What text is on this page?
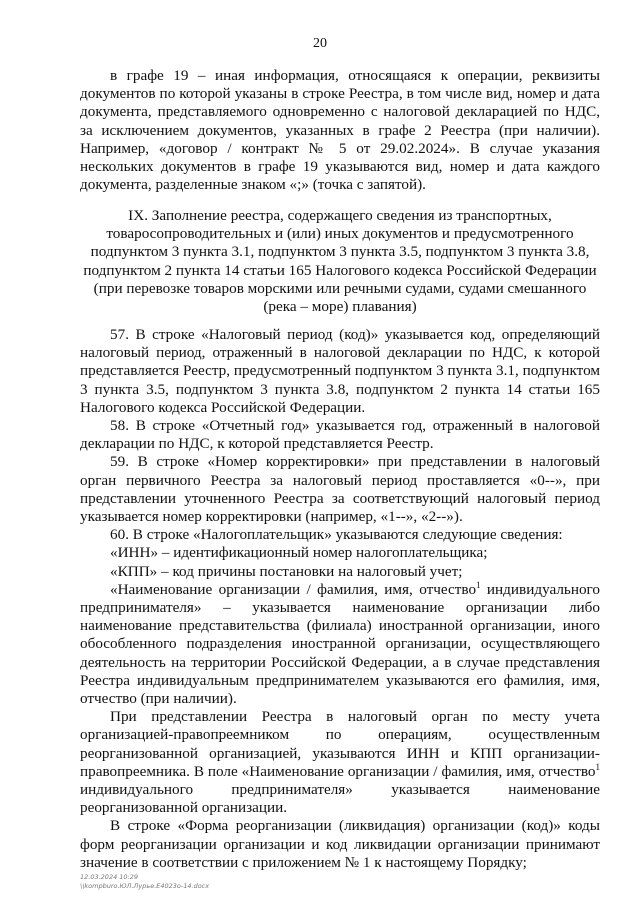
20

в графе 19 – иная информация, относящаяся к операции, реквизиты документов по которой указаны в строке Реестра, в том числе вид, номер и дата документа, представляемого одновременно с налоговой декларацией по НДС, за исключением документов, указанных в графе 2 Реестра (при наличии). Например, «договор / контракт № 5 от 29.02.2024». В случае указания нескольких документов в графе 19 указываются вид, номер и дата каждого документа, разделенные знаком «;» (точка с запятой).

IX. Заполнение реестра, содержащего сведения из транспортных,
товаросопроводительных и (или) иных документов и предусмотренного
подпунктом 3 пункта 3.1, подпунктом 3 пункта 3.5, подпунктом 3 пункта 3.8,
подпунктом 2 пункта 14 статьи 165 Налогового кодекса Российской Федерации
(при перевозке товаров морскими или речными судами, судами смешанного
(река – море) плавания)

57. В строке «Налоговый период (код)» указывается код, определяющий налоговый период, отраженный в налоговой декларации по НДС, к которой представляется Реестр, предусмотренный подпунктом 3 пункта 3.1, подпунктом 3 пункта 3.5, подпунктом 3 пункта 3.8, подпунктом 2 пункта 14 статьи 165 Налогового кодекса Российской Федерации.

58. В строке «Отчетный год» указывается год, отраженный в налоговой декларации по НДС, к которой представляется Реестр.

59. В строке «Номер корректировки» при представлении в налоговый орган первичного Реестра за налоговый период проставляется «0--», при представлении уточненного Реестра за соответствующий налоговый период указывается номер корректировки (например, «1--», «2--»).

60. В строке «Налогоплательщик» указываются следующие сведения:

«ИНН» – идентификационный номер налогоплательщика;

«КПП» – код причины постановки на налоговый учет;

«Наименование организации / фамилия, имя, отчество$^1$ индивидуального предпринимателя» – указывается наименование организации либо наименование представительства (филиала) иностранной организации, иного обособленного подразделения иностранной организации, осуществляющего деятельность на территории Российской Федерации, а в случае представления Реестра индивидуальным предпринимателем указываются его фамилия, имя, отчество (при наличии).

При представлении Реестра в налоговый орган по месту учета организацией-правопреемником по операциям, осуществленным реорганизованной организацией, указываются ИНН и КПП организации-правопреемника. В поле «Наименование организации / фамилия, имя, отчество$^1$ индивидуального предпринимателя» указывается наименование реорганизованной организации.

В строке «Форма реорганизации (ликвидация) организации (код)» коды форм реорганизации организации и код ликвидации организации принимают значение в соответствии с приложением № 1 к настоящему Порядку;

12.03.2024 10:29
\\kompburo.ЮЛ.Лурье.Е4023о-14.docx
